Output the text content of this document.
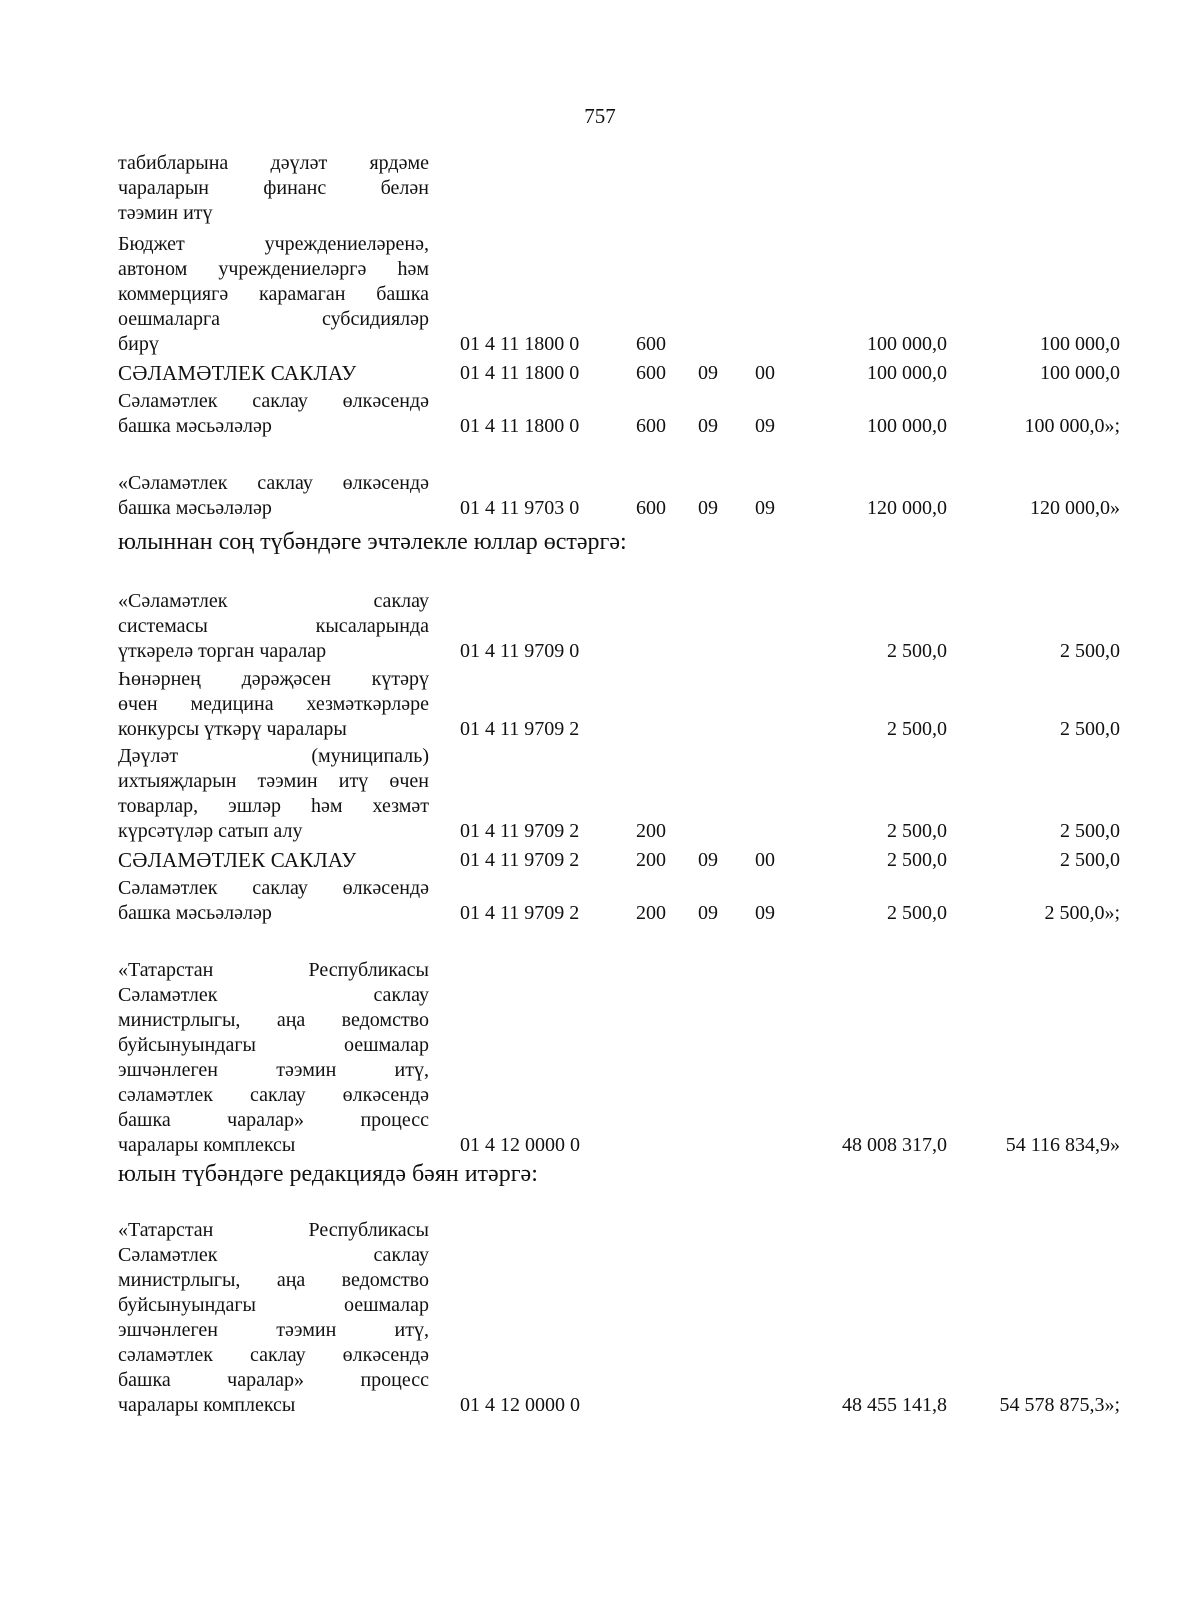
757
табибларына дәүләт ярдәме
чараларын финанс белән
тәэмин итү
Бюджет учреждениеләренә,
автоном учреждениеләргә һәм
коммерциягә карамаган башка
оешмаларга субсидияләр
бирү	01 4 11 1800 0	600	100 000,0	100 000,0
СӘЛАМӘТЛЕК САКЛАУ	01 4 11 1800 0	600 09 00	100 000,0	100 000,0
Сәламәтлек саклау өлкәсендә
башка мәсьәләләр	01 4 11 1800 0	600 09 09	100 000,0	100 000,0»;
«Сәламәтлек саклау өлкәсендә
башка мәсьәләләр	01 4 11 9703 0	600 09 09	120 000,0	120 000,0»
«Сәламәтлек саклау
системасы кысаларында
үткәрелә торган чаралар	01 4 11 9709 0	2 500,0	2 500,0
Һөнәрнең дәрәҗәсен күтәрү
өчен медицина хезмәткәрләре
конкурсы үткәрү чаралары	01 4 11 9709 2	2 500,0	2 500,0
Дәүләт (муниципаль)
ихтыяҗларын тәэмин итү өчен
товарлар, эшләр һәм хезмәт
күрсәтүләр сатып алу	01 4 11 9709 2	200	2 500,0	2 500,0
СӘЛАМӘТЛЕК САКЛАУ	01 4 11 9709 2	200 09 00	2 500,0	2 500,0
Сәламәтлек саклау өлкәсендә
башка мәсьәләләр	01 4 11 9709 2	200 09 09	2 500,0	2 500,0»;
«Татарстан Республикасы
Сәламәтлек саклау
министрлыгы, аңа ведомство
буйсынуындагы оешмалар
эшчәнлеген тәэмин итү,
сәламәтлек саклау өлкәсендә
башка чаралар» процесс
чаралары комплексы	01 4 12 0000 0	48 008 317,0	54 116 834,9»
«Татарстан Республикасы
Сәламәтлек саклау
министрлыгы, аңа ведомство
буйсынуындагы оешмалар
эшчәнлеген тәэмин итү,
сәламәтлек саклау өлкәсендә
башка чаралар» процесс
чаралары комплексы	01 4 12 0000 0	48 455 141,8	54 578 875,3»;
юлыннан соң түбәндәге эчтәлекле юллар өстәргә:
юлын түбәндәге редакциядә бәян итәргә:
